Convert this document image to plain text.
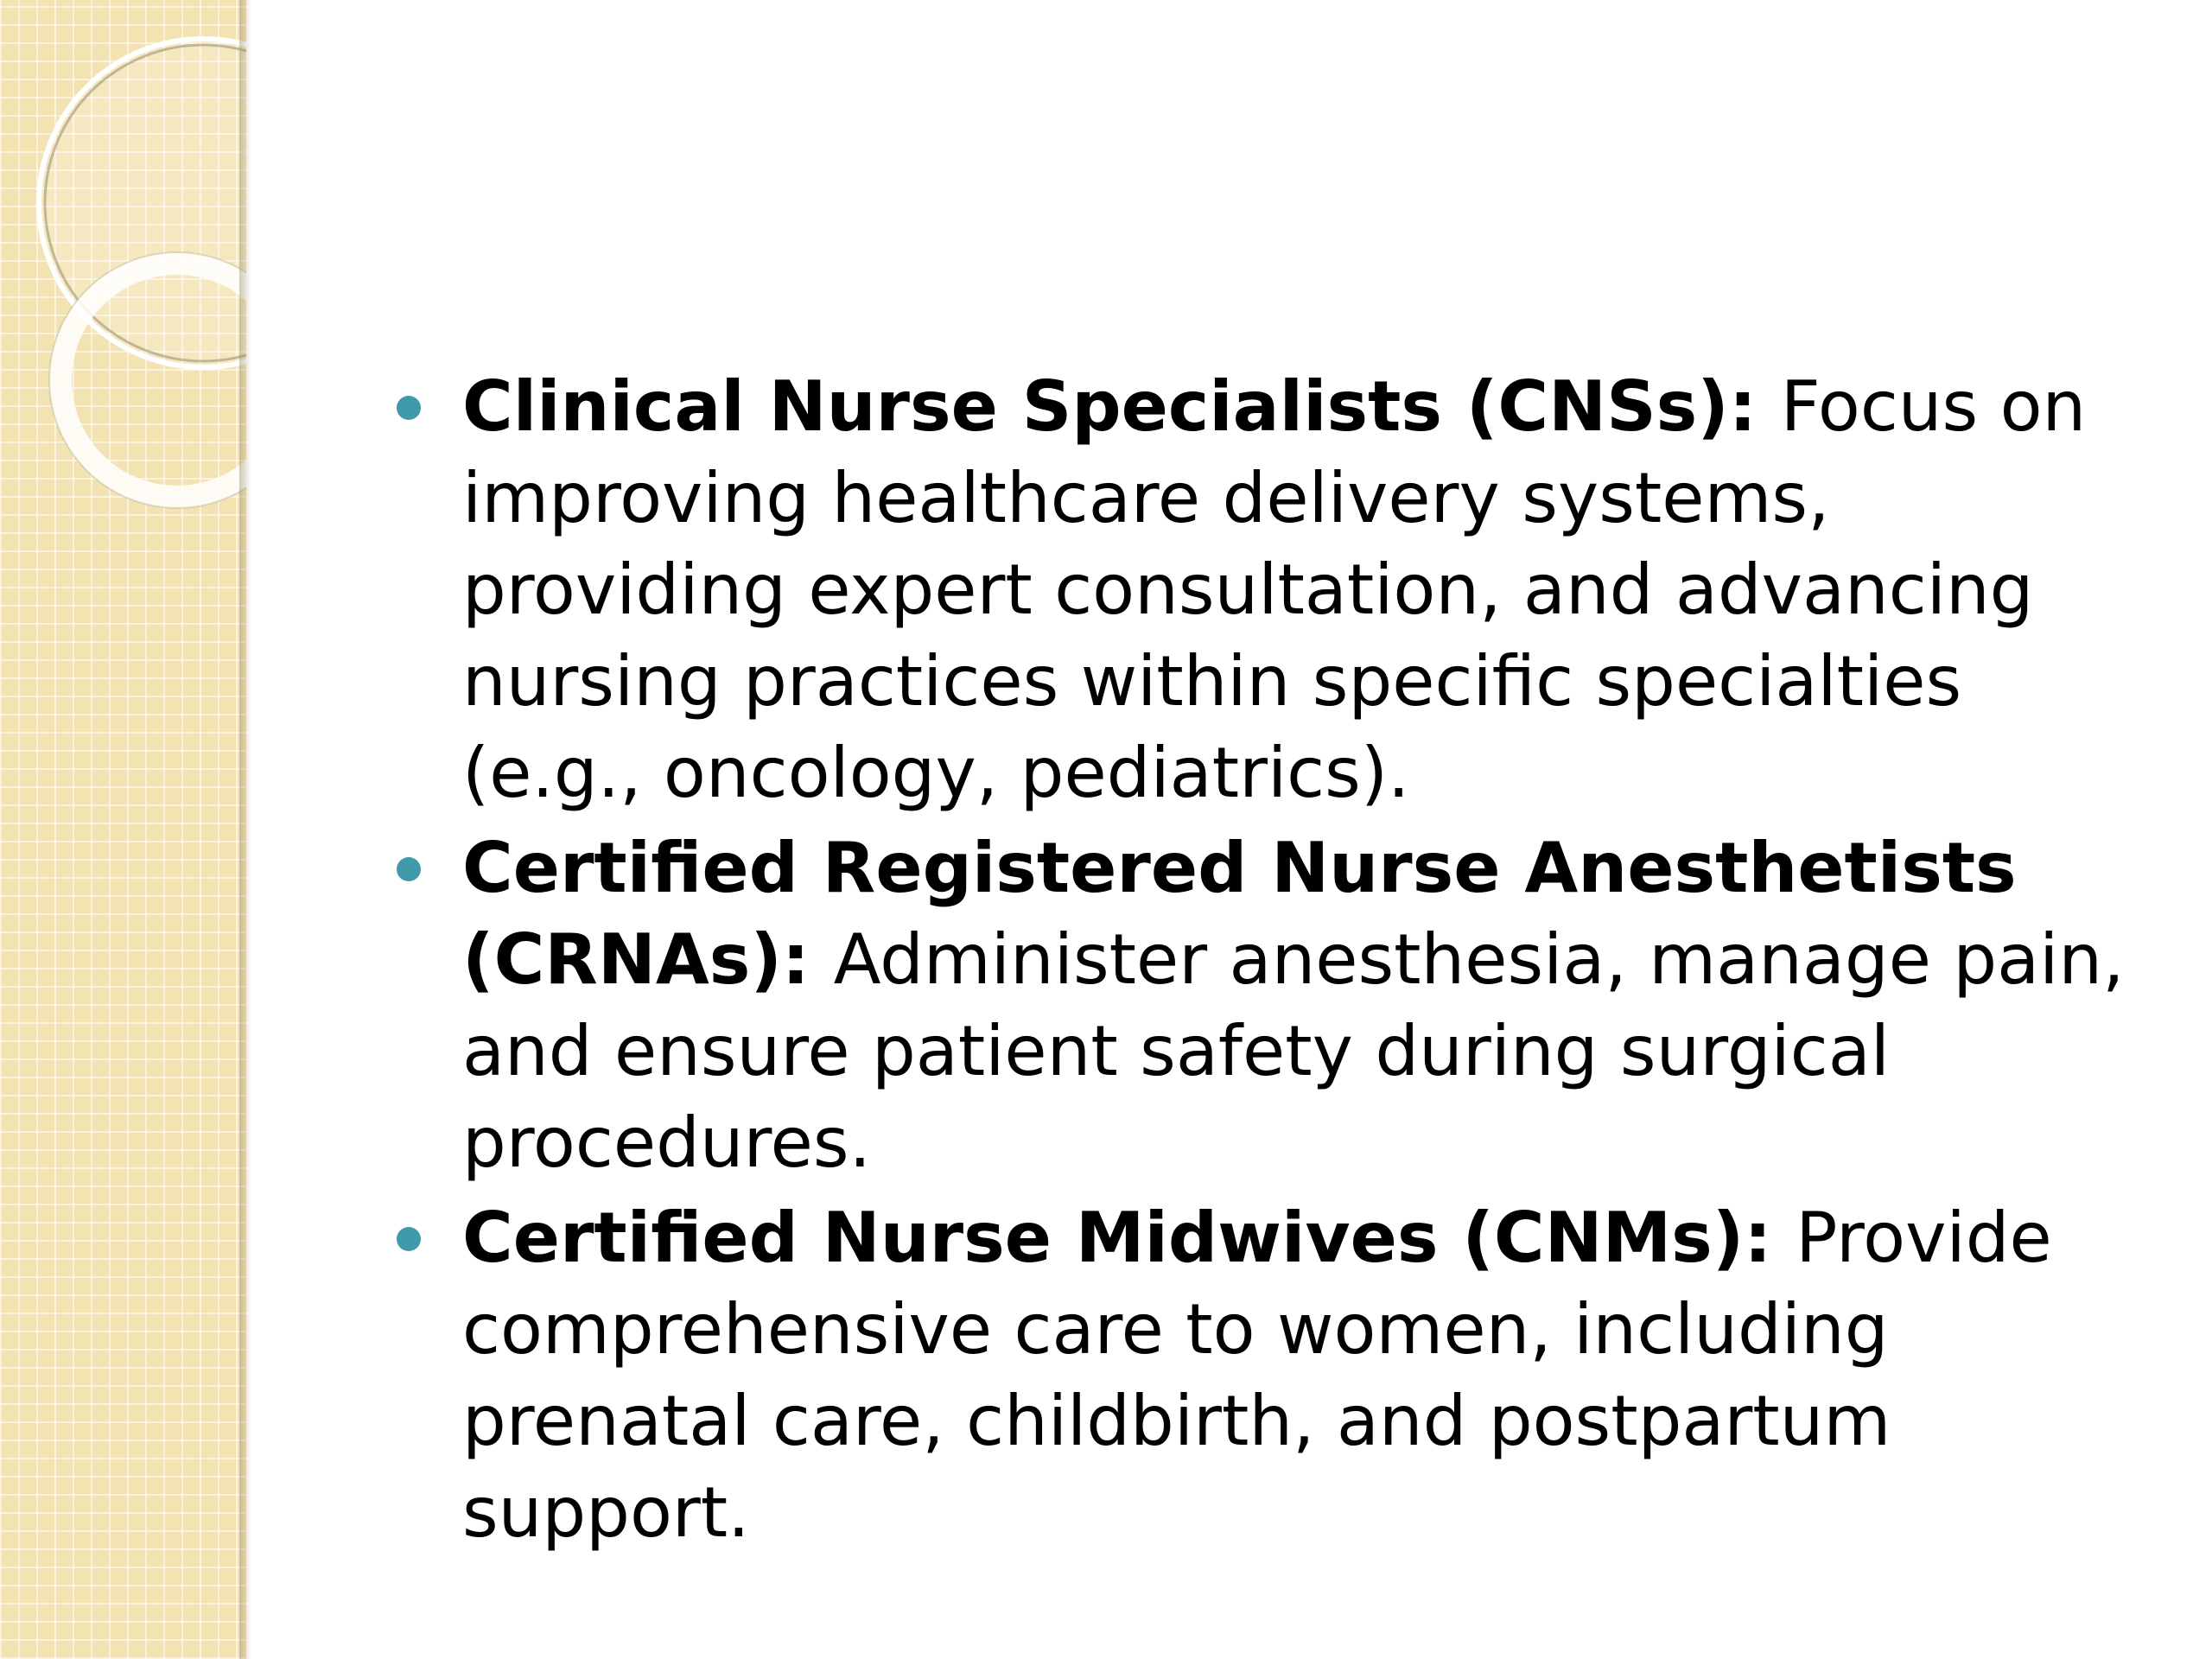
Clinical Nurse Specialists (CNSs): Focus on improving healthcare delivery systems, providing expert consultation, and advancing nursing practices within specific specialties (e.g., oncology, pediatrics).
Certified Registered Nurse Anesthetists (CRNAs): Administer anesthesia, manage pain, and ensure patient safety during surgical procedures.
Certified Nurse Midwives (CNMs): Provide comprehensive care to women, including prenatal care, childbirth, and postpartum support.
